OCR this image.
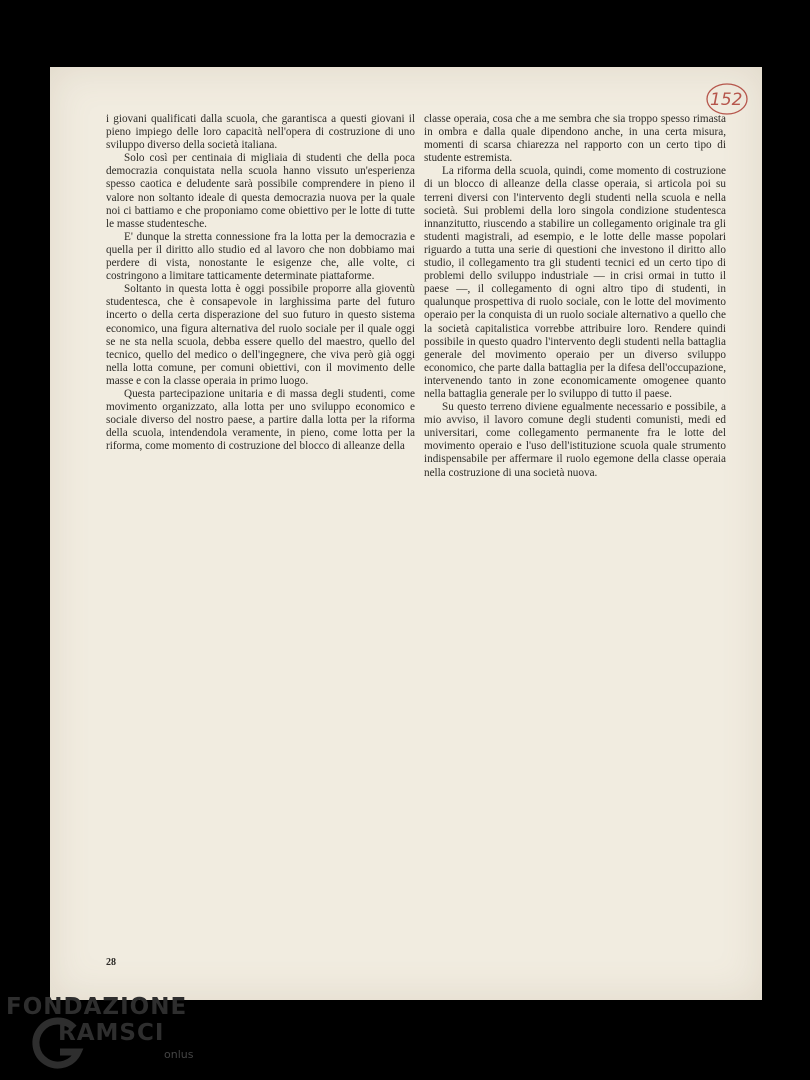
152

i giovani qualificati dalla scuola, che garantisca a questi giovani il pieno impiego delle loro capacità nell'opera di costruzione di uno sviluppo diverso della società italiana.

Solo così per centinaia di migliaia di studenti che della poca democrazia conquistata nella scuola hanno vissuto un'esperienza spesso caotica e deludente sarà possibile comprendere in pieno il valore non soltanto ideale di questa democrazia nuova per la quale noi ci battiamo e che proponiamo come obiettivo per le lotte di tutte le masse studentesche.

E' dunque la stretta connessione fra la lotta per la democrazia e quella per il diritto allo studio ed al lavoro che non dobbiamo mai perdere di vista, nonostante le esigenze che, alle volte, ci costringono a limitare tatticamente determinate piattaforme.

Soltanto in questa lotta è oggi possibile proporre alla gioventù studentesca, che è consapevole in larghissima parte del futuro incerto o della certa disperazione del suo futuro in questo sistema economico, una figura alternativa del ruolo sociale per il quale oggi se ne sta nella scuola, debba essere quello del maestro, quello del tecnico, quello del medico o dell'ingegnere, che viva però già oggi nella lotta comune, per comuni obiettivi, con il movimento delle masse e con la classe operaia in primo luogo.

Questa partecipazione unitaria e di massa degli studenti, come movimento organizzato, alla lotta per uno sviluppo economico e sociale diverso del nostro paese, a partire dalla lotta per la riforma della scuola, intendendola veramente, in pieno, come lotta per la riforma, come momento di costruzione del blocco di alleanze della

classe operaia, cosa che a me sembra che sia troppo spesso rimasta in ombra e dalla quale dipendono anche, in una certa misura, momenti di scarsa chiarezza nel rapporto con un certo tipo di studente estremista.

La riforma della scuola, quindi, come momento di costruzione di un blocco di alleanze della classe operaia, si articola poi su terreni diversi con l'intervento degli studenti nella scuola e nella società. Sui problemi della loro singola condizione studentesca innanzitutto, riuscendo a stabilire un collegamento originale tra gli studenti magistrali, ad esempio, e le lotte delle masse popolari riguardo a tutta una serie di questioni che investono il diritto allo studio, il collegamento tra gli studenti tecnici ed un certo tipo di problemi dello sviluppo industriale — in crisi ormai in tutto il paese —, il collegamento di ogni altro tipo di studenti, in qualunque prospettiva di ruolo sociale, con le lotte del movimento operaio per la conquista di un ruolo sociale alternativo a quello che la società capitalistica vorrebbe attribuire loro. Rendere quindi possibile in questo quadro l'intervento degli studenti nella battaglia generale del movimento operaio per un diverso sviluppo economico, che parte dalla battaglia per la difesa dell'occupazione, intervenendo tanto in zone economicamente omogenee quanto nella battaglia generale per lo sviluppo di tutto il paese.

Su questo terreno diviene egualmente necessario e possibile, a mio avviso, il lavoro comune degli studenti comunisti, medi ed universitari, come collegamento permanente fra le lotte del movimento operaio e l'uso dell'istituzione scuola quale strumento indispensabile per affermare il ruolo egemone della classe operaia nella costruzione di una società nuova.

28
FONDAZIONE
RAMSCI
onlus
